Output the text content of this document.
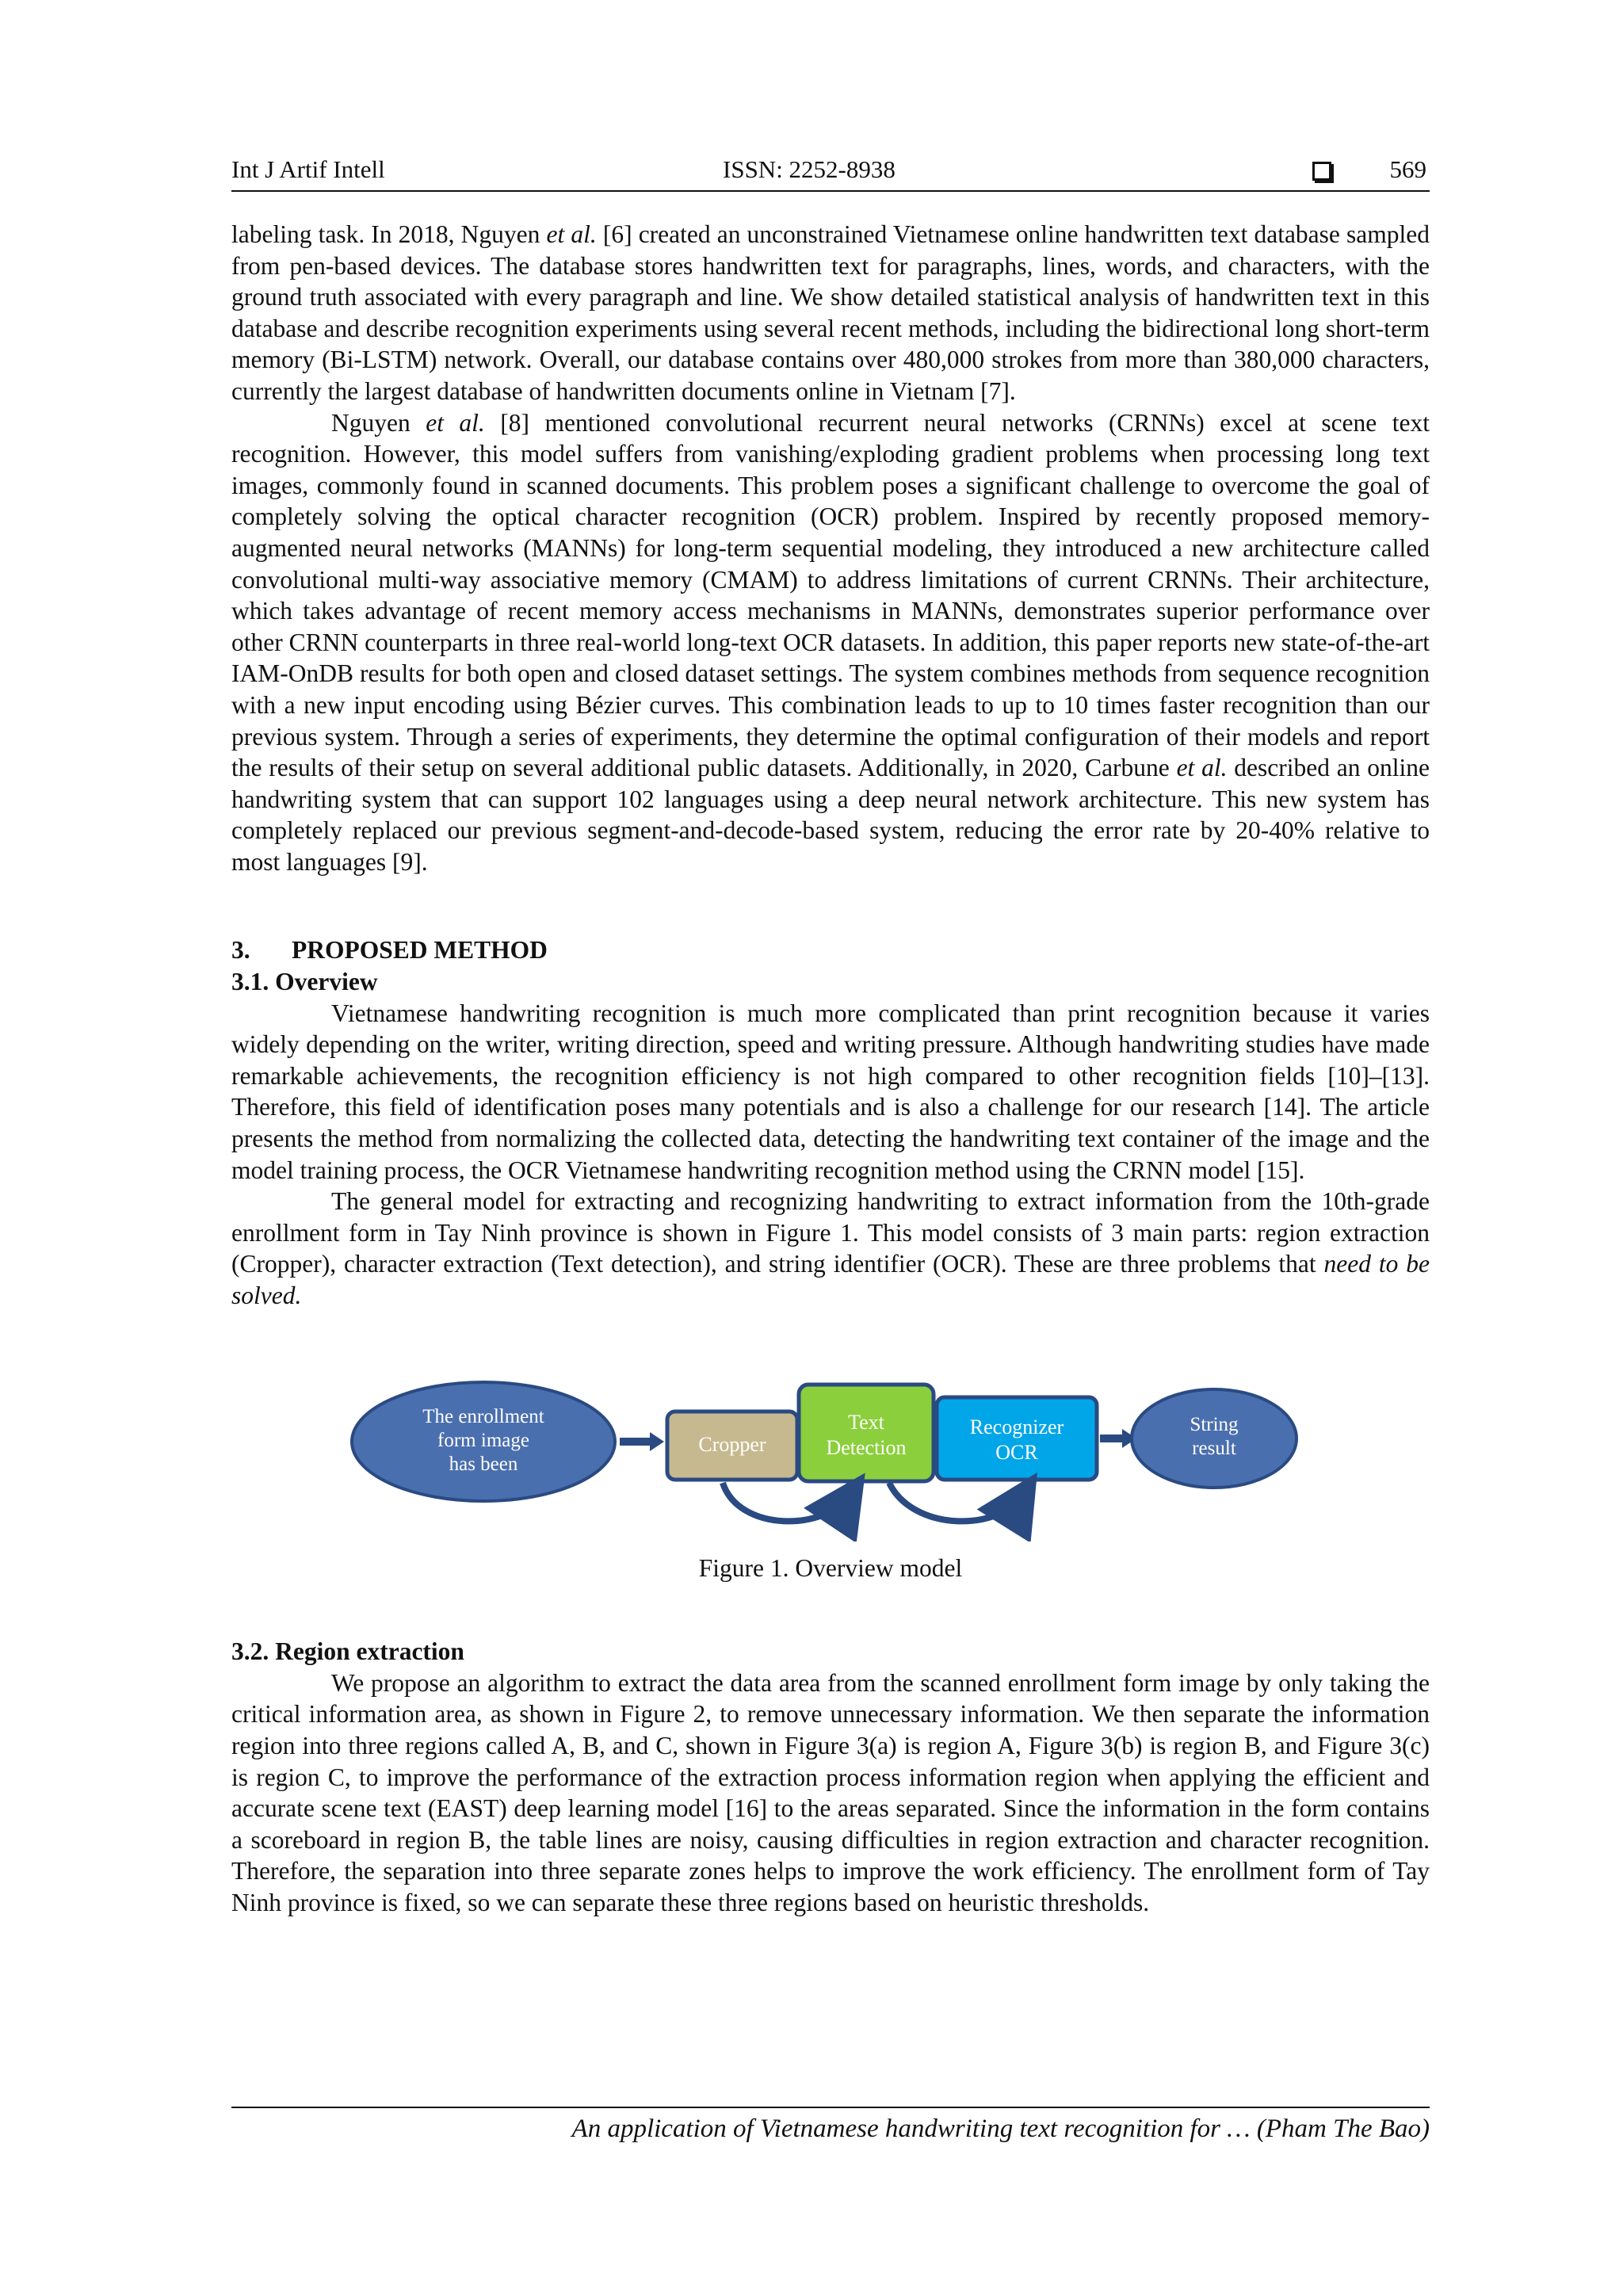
Int J Artif Intell	ISSN: 2252-8938	569

labeling task. In 2018, Nguyen et al. [6] created an unconstrained Vietnamese online handwritten text database sampled from pen-based devices. The database stores handwritten text for paragraphs, lines, words, and characters, with the ground truth associated with every paragraph and line. We show detailed statistical analysis of handwritten text in this database and describe recognition experiments using several recent methods, including the bidirectional long short-term memory (Bi-LSTM) network. Overall, our database contains over 480,000 strokes from more than 380,000 characters, currently the largest database of handwritten documents online in Vietnam [7].

Nguyen et al. [8] mentioned convolutional recurrent neural networks (CRNNs) excel at scene text recognition. However, this model suffers from vanishing/exploding gradient problems when processing long text images, commonly found in scanned documents. This problem poses a significant challenge to overcome the goal of completely solving the optical character recognition (OCR) problem. Inspired by recently proposed memory-augmented neural networks (MANNs) for long-term sequential modeling, they introduced a new architecture called convolutional multi-way associative memory (CMAM) to address limitations of current CRNNs. Their architecture, which takes advantage of recent memory access mechanisms in MANNs, demonstrates superior performance over other CRNN counterparts in three real-world long-text OCR datasets. In addition, this paper reports new state-of-the-art IAM-OnDB results for both open and closed dataset settings. The system combines methods from sequence recognition with a new input encoding using Bézier curves. This combination leads to up to 10 times faster recognition than our previous system. Through a series of experiments, they determine the optimal configuration of their models and report the results of their setup on several additional public datasets. Additionally, in 2020, Carbune et al. described an online handwriting system that can support 102 languages using a deep neural network architecture. This new system has completely replaced our previous segment-and-decode-based system, reducing the error rate by 20-40% relative to most languages [9].

3. PROPOSED METHOD
3.1. Overview

Vietnamese handwriting recognition is much more complicated than print recognition because it varies widely depending on the writer, writing direction, speed and writing pressure. Although handwriting studies have made remarkable achievements, the recognition efficiency is not high compared to other recognition fields [10]–[13]. Therefore, this field of identification poses many potentials and is also a challenge for our research [14]. The article presents the method from normalizing the collected data, detecting the handwriting text container of the image and the model training process, the OCR Vietnamese handwriting recognition method using the CRNN model [15].

The general model for extracting and recognizing handwriting to extract information from the 10th-grade enrollment form in Tay Ninh province is shown in Figure 1. This model consists of 3 main parts: region extraction (Cropper), character extraction (Text detection), and string identifier (OCR). These are three problems that need to be solved.

The enrollment
form image
has been
Cropper
Text
Detection
Recognizer
OCR
String
result
Figure 1. Overview model
3.2. Region extraction

We propose an algorithm to extract the data area from the scanned enrollment form image by only taking the critical information area, as shown in Figure 2, to remove unnecessary information. We then separate the information region into three regions called A, B, and C, shown in Figure 3(a) is region A, Figure 3(b) is region B, and Figure 3(c) is region C, to improve the performance of the extraction process information region when applying the efficient and accurate scene text (EAST) deep learning model [16] to the areas separated. Since the information in the form contains a scoreboard in region B, the table lines are noisy, causing difficulties in region extraction and character recognition. Therefore, the separation into three separate zones helps to improve the work efficiency. The enrollment form of Tay Ninh province is fixed, so we can separate these three regions based on heuristic thresholds.

An application of Vietnamese handwriting text recognition for … (Pham The Bao)
